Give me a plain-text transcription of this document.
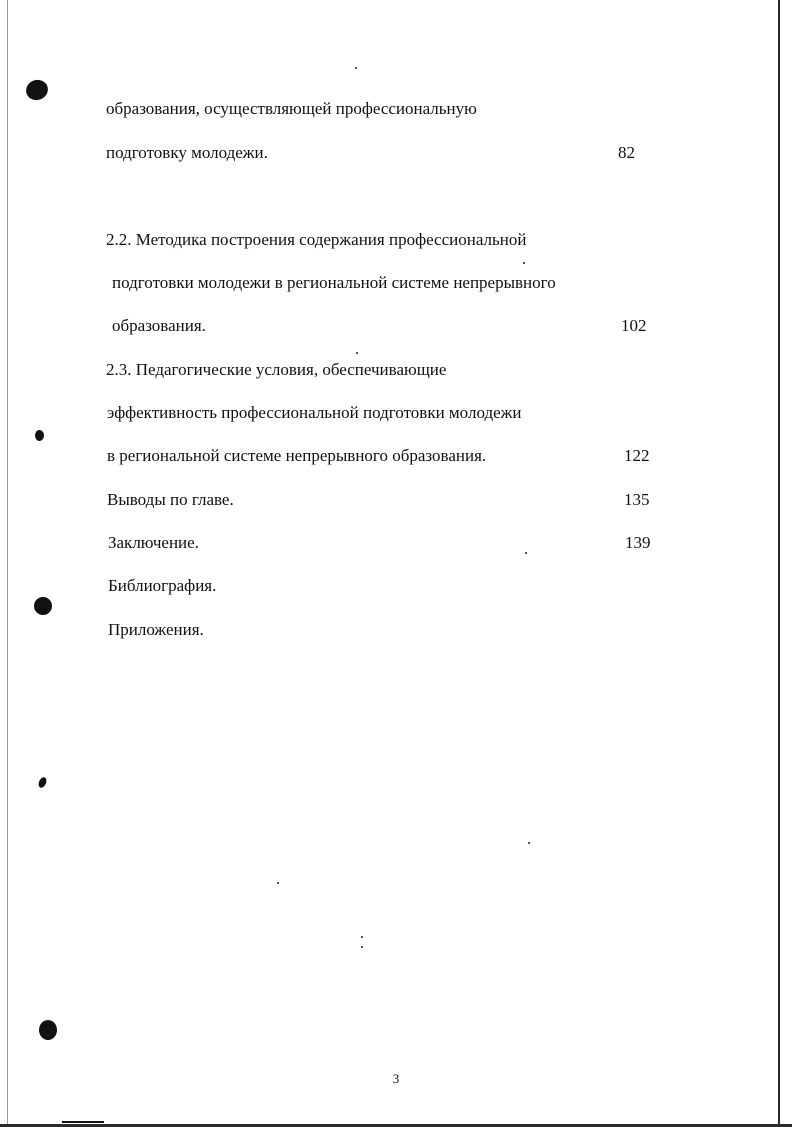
образования, осуществляющей профессиональную
подготовку молодежи.	82
2.2. Методика построения содержания профессиональной
подготовки молодежи в региональной системе непрерывного
образования.	102
2.3. Педагогические условия, обеспечивающие
эффективность профессиональной подготовки молодежи
в региональной системе непрерывного образования.	122
Выводы по главе.	135
Заключение.	139
Библиография.
Приложения.
3
